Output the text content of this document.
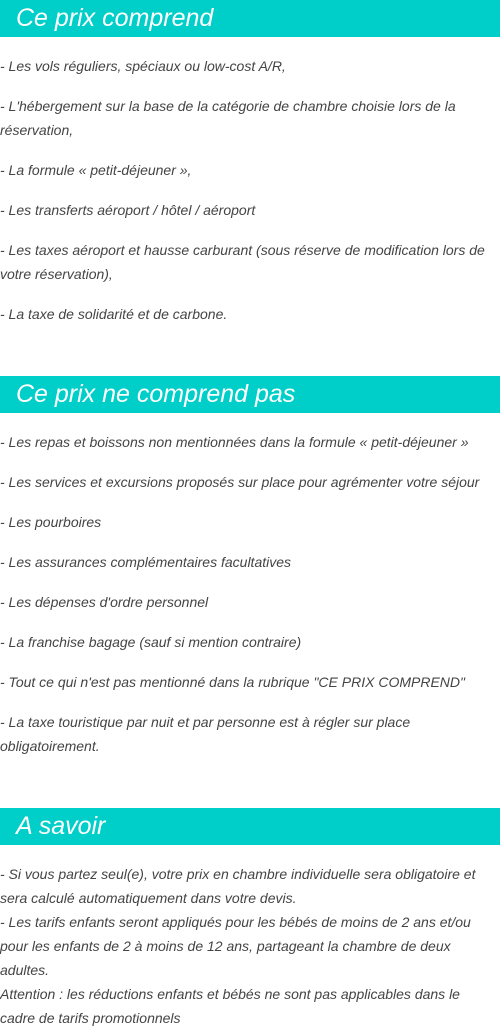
Ce prix comprend
- Les vols réguliers, spéciaux ou low-cost A/R,
- L'hébergement sur la base de la catégorie de chambre choisie lors de la réservation,
- La formule « petit-déjeuner »,
- Les transferts aéroport / hôtel / aéroport
- Les taxes aéroport et hausse carburant (sous réserve de modification lors de votre réservation),
- La taxe de solidarité et de carbone.
Ce prix ne comprend pas
- Les repas et boissons non mentionnées dans la formule « petit-déjeuner »
- Les services et excursions proposés sur place pour agrémenter votre séjour
- Les pourboires
- Les assurances complémentaires facultatives
- Les dépenses d'ordre personnel
- La franchise bagage (sauf si mention contraire)
- Tout ce qui n'est pas mentionné dans la rubrique "CE PRIX COMPREND"
- La taxe touristique par nuit et par personne est à régler sur place obligatoirement.
A savoir
- Si vous partez seul(e), votre prix en chambre individuelle sera obligatoire et sera calculé automatiquement dans votre devis.
- Les tarifs enfants seront appliqués pour les bébés de moins de 2 ans et/ou pour les enfants de 2 à moins de 12 ans, partageant la chambre de deux adultes.
Attention : les réductions enfants et bébés ne sont pas applicables dans le cadre de tarifs promotionnels
